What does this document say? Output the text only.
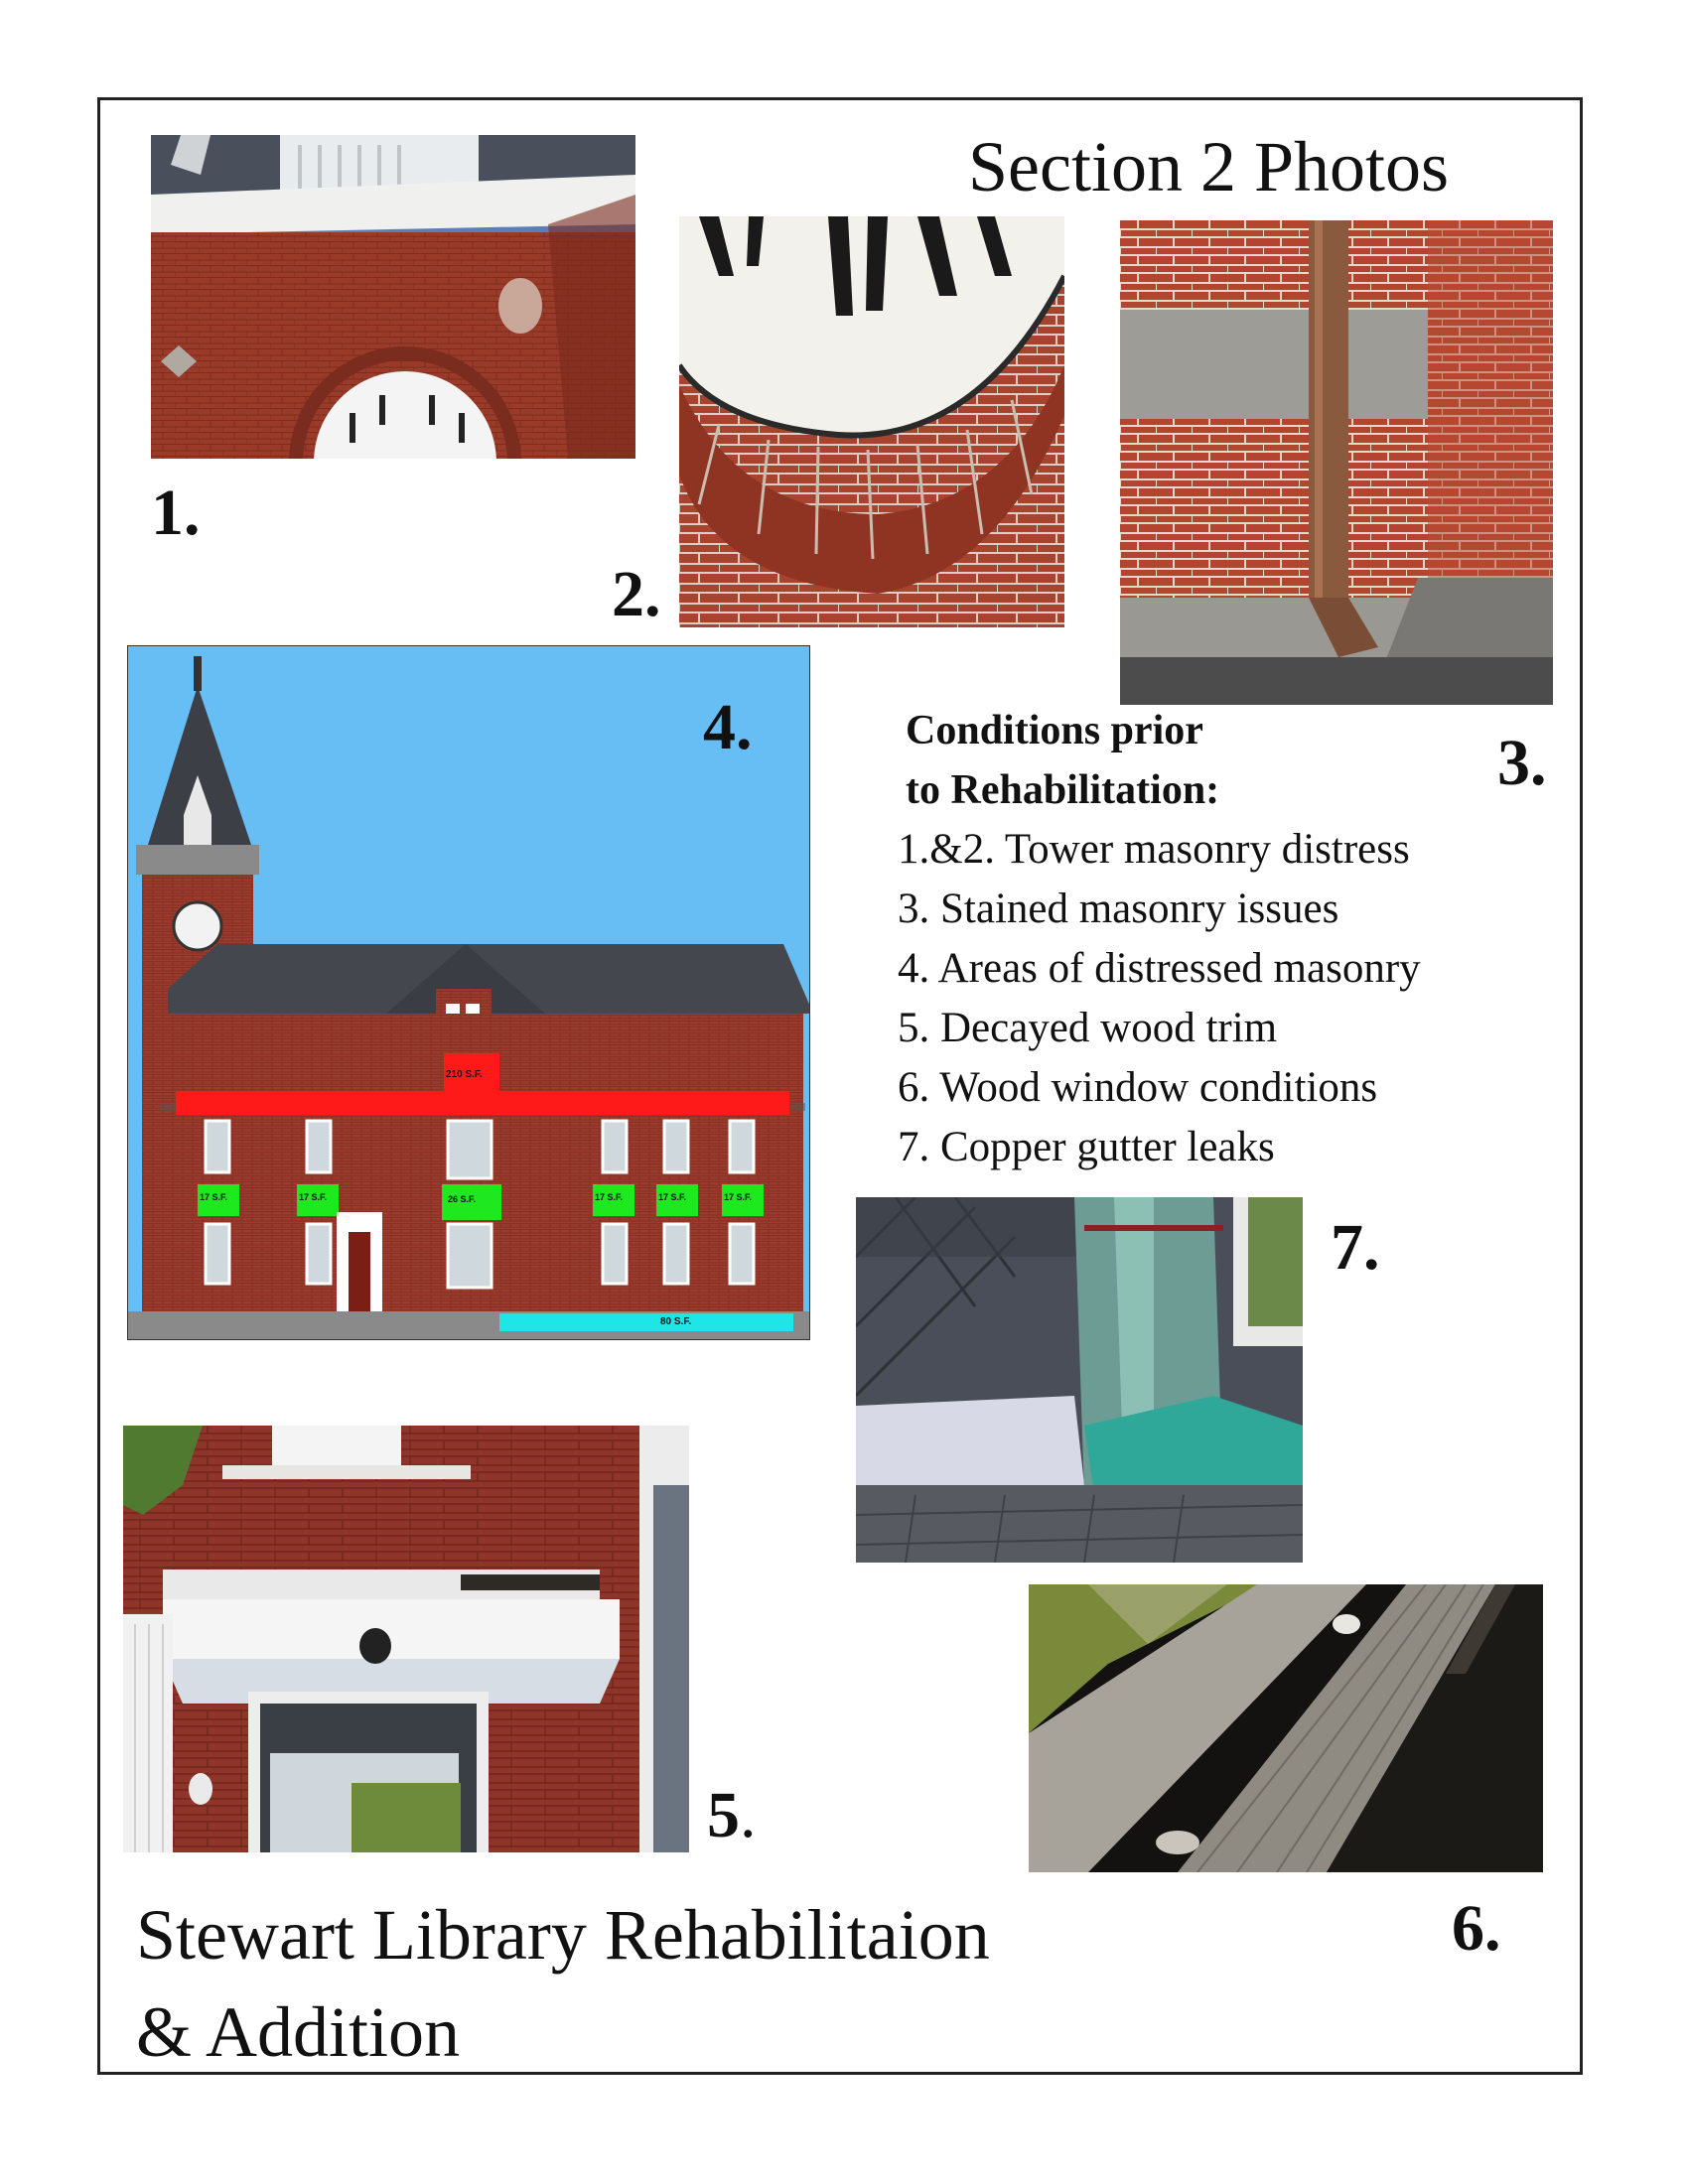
Section 2 Photos
1.
2.
3.
210 S.F.
17 S.F.	17 S.F.	26 S.F.	17 S.F.	17 S.F.	17 S.F.
80 S.F.
4.	Conditions prior
to Rehabilitation:
1.&2. Tower masonry distress
3. Stained masonry issues
4. Areas of distressed masonry
5. Decayed wood trim
6. Wood window conditions
7. Copper gutter leaks
7.
5.
6.
Stewart Library Rehabilitaion
& Addition
